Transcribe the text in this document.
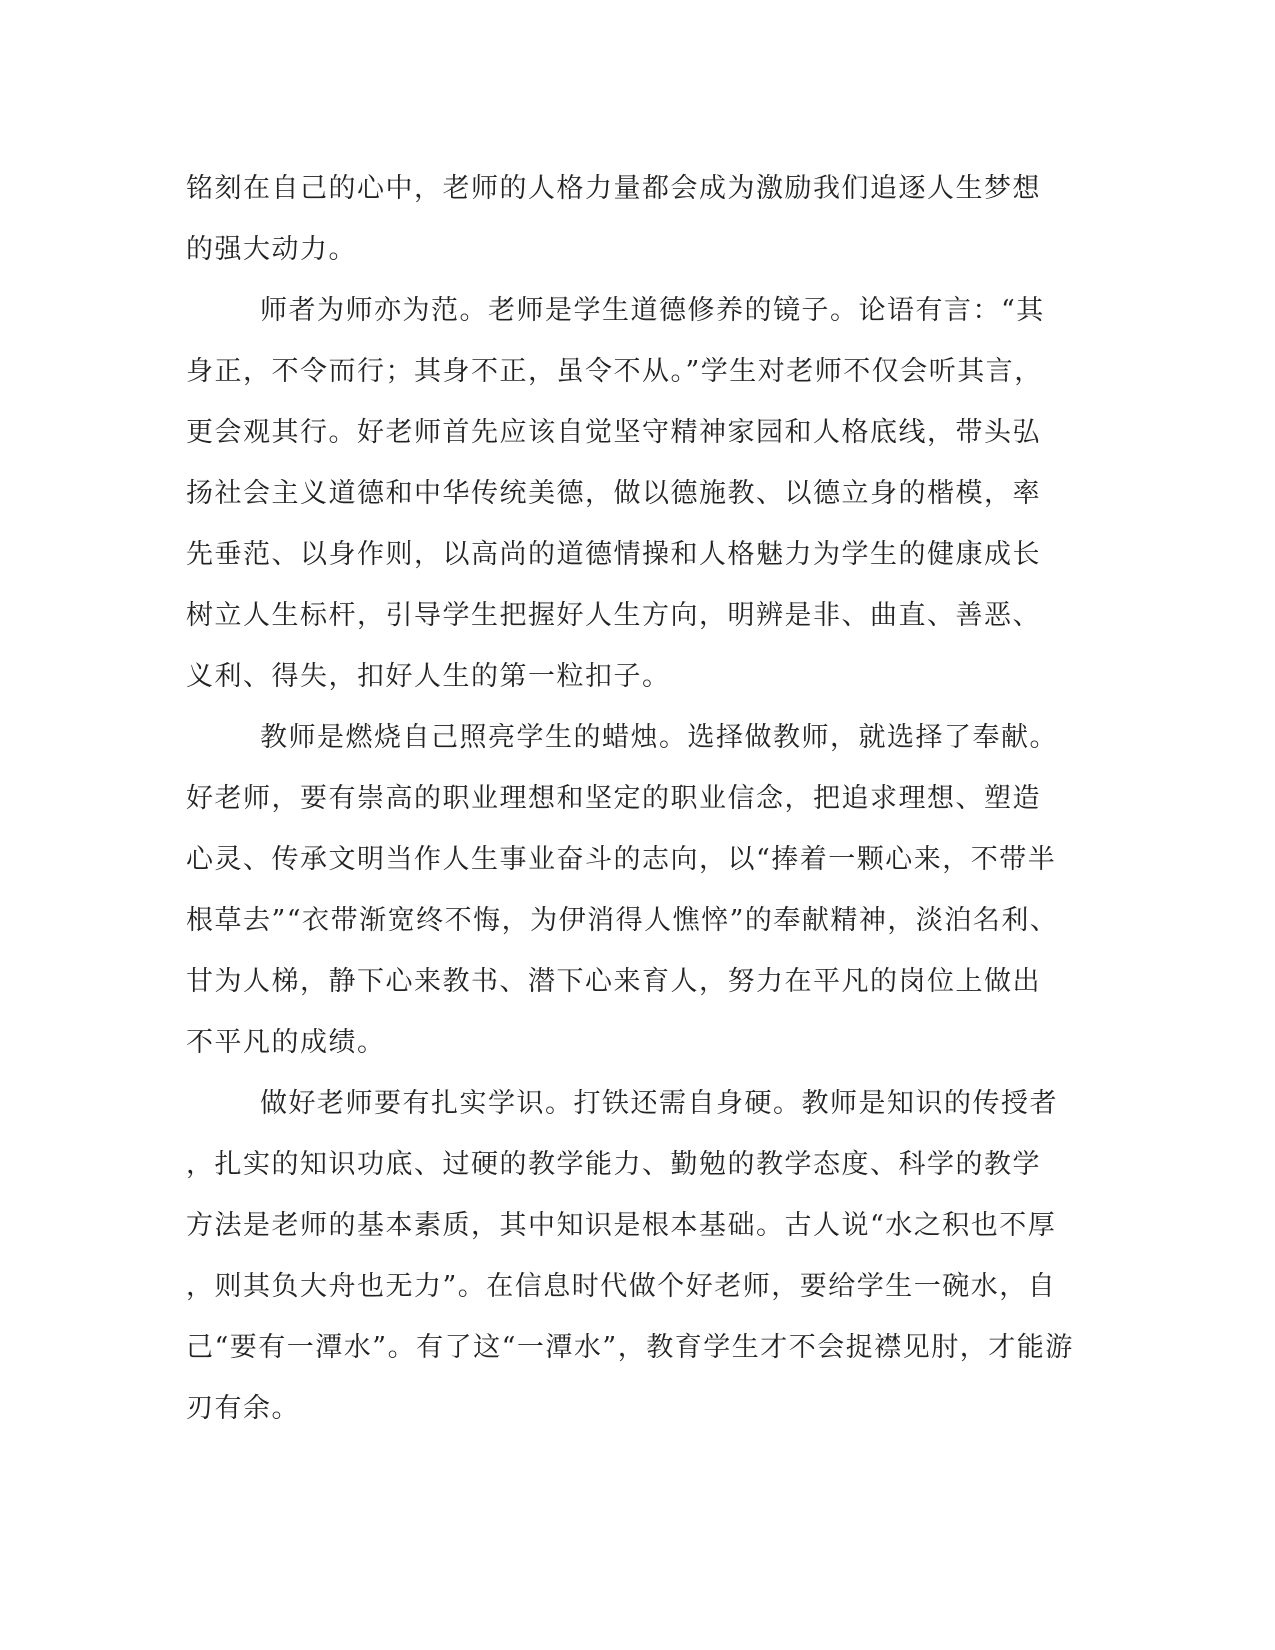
铭刻在自己的心中，老师的人格力量都会成为激励我们追逐人生梦想

的强大动力。

师者为师亦为范。老师是学生道德修养的镜子。论语有言：“其

身正，不令而行；其身不正，虽令不从。”学生对老师不仅会听其言，

更会观其行。好老师首先应该自觉坚守精神家园和人格底线，带头弘

扬社会主义道德和中华传统美德，做以德施教、以德立身的楷模，率

先垂范、以身作则，以高尚的道德情操和人格魅力为学生的健康成长

树立人生标杆，引导学生把握好人生方向，明辨是非、曲直、善恶、

义利、得失，扣好人生的第一粒扣子。

教师是燃烧自己照亮学生的蜡烛。选择做教师，就选择了奉献。

好老师，要有崇高的职业理想和坚定的职业信念，把追求理想、塑造

心灵、传承文明当作人生事业奋斗的志向，以“捧着一颗心来，不带半

根草去”“衣带渐宽终不悔，为伊消得人憔悴”的奉献精神，淡泊名利、

甘为人梯，静下心来教书、潜下心来育人，努力在平凡的岗位上做出

不平凡的成绩。

做好老师要有扎实学识。打铁还需自身硬。教师是知识的传授者

，扎实的知识功底、过硬的教学能力、勤勉的教学态度、科学的教学

方法是老师的基本素质，其中知识是根本基础。古人说“水之积也不厚

，则其负大舟也无力”。在信息时代做个好老师，要给学生一碗水，自

己“要有一潭水”。有了这“一潭水”，教育学生才不会捉襟见肘，才能游

刃有余。
